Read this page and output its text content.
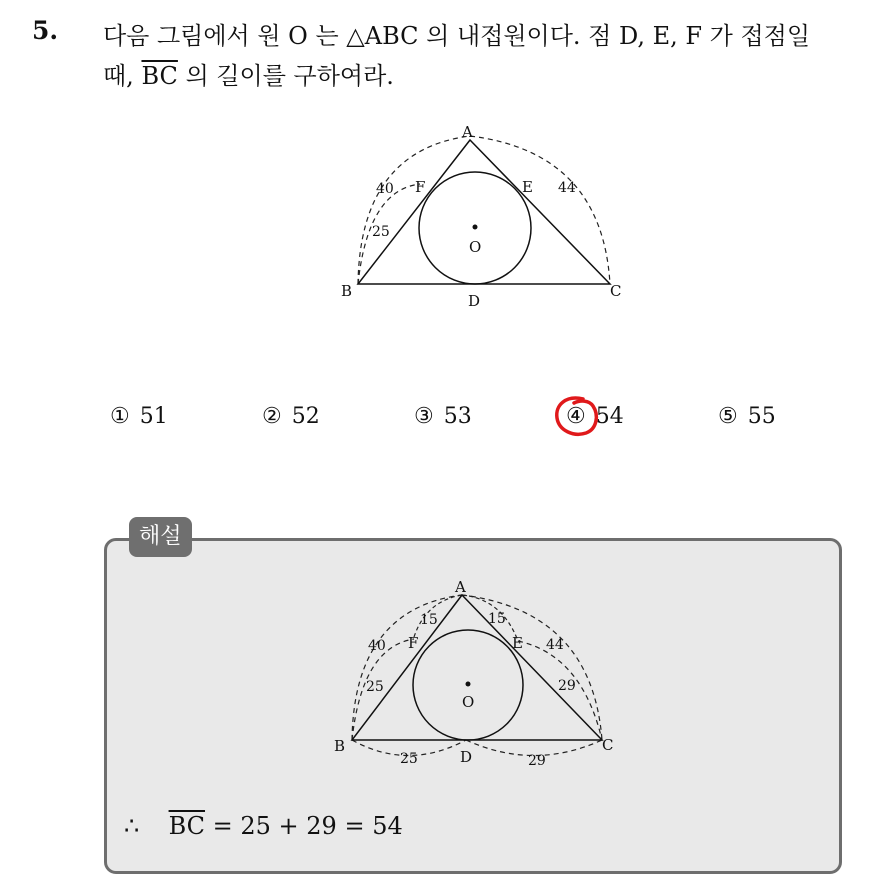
5. 다음 그림에서 원 O 는 △ABC 의 내접원이다. 점 D, E, F 가 접점일
때, $\overline{BC}$ 의 길이를 구하여라.
A
B	C
D
E
F
O
40
25
44
① 51	② 52	③ 53	④ 54	⑤ 55
해설
A
B	C
D
E
F
O
40
15	15
44
25	29
25	29
∴ $\overline{BC} = 25 + 29 = 54$
